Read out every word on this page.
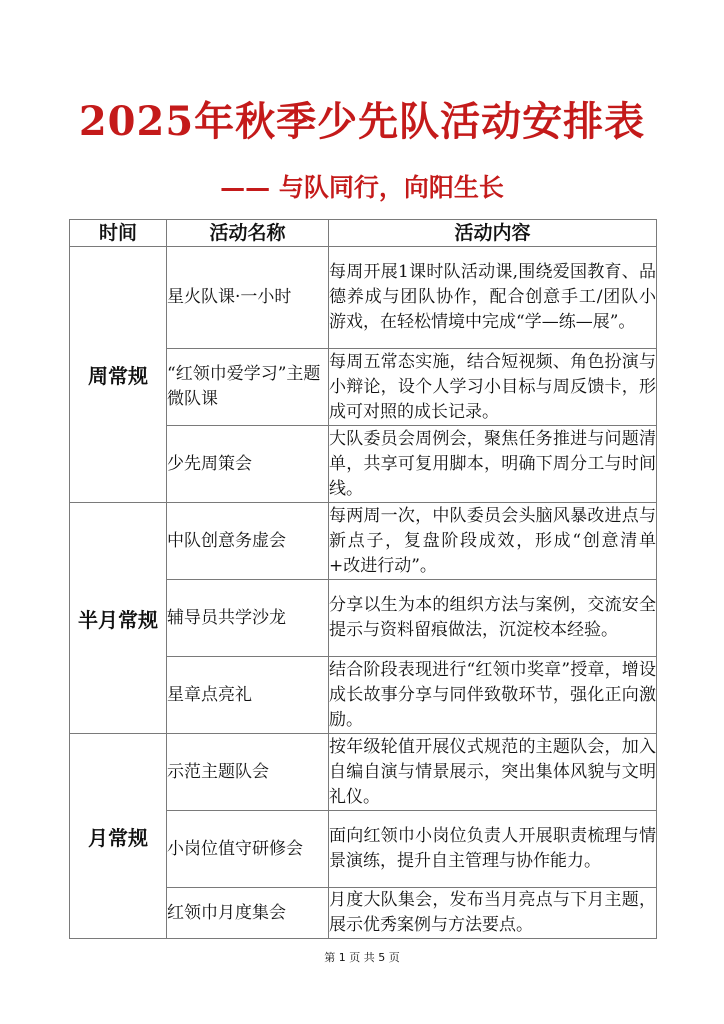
2025年秋季少先队活动安排表
—— 与队同行，向阳生长
时间	活动名称	活动内容
周常规	星火队课·一小时	每周开展1课时队活动课,围绕爱国教育、品德养成与团队协作，配合创意手工/团队小游戏，在轻松情境中完成“学—练—展”。
	“红领巾爱学习”主题微队课	每周五常态实施，结合短视频、角色扮演与小辩论，设个人学习小目标与周反馈卡，形成可对照的成长记录。
	少先周策会	大队委员会周例会，聚焦任务推进与问题清单，共享可复用脚本，明确下周分工与时间线。
半月常规	中队创意务虚会	每两周一次，中队委员会头脑风暴改进点与新点子，复盘阶段成效，形成“创意清单+改进行动”。
	辅导员共学沙龙	分享以生为本的组织方法与案例，交流安全提示与资料留痕做法，沉淀校本经验。
	星章点亮礼	结合阶段表现进行“红领巾奖章”授章，增设成长故事分享与同伴致敬环节，强化正向激励。
月常规	示范主题队会	按年级轮值开展仪式规范的主题队会，加入自编自演与情景展示，突出集体风貌与文明礼仪。
	小岗位值守研修会	面向红领巾小岗位负责人开展职责梳理与情景演练，提升自主管理与协作能力。
	红领巾月度集会	月度大队集会，发布当月亮点与下月主题，展示优秀案例与方法要点。
第 1 页 共 5 页
